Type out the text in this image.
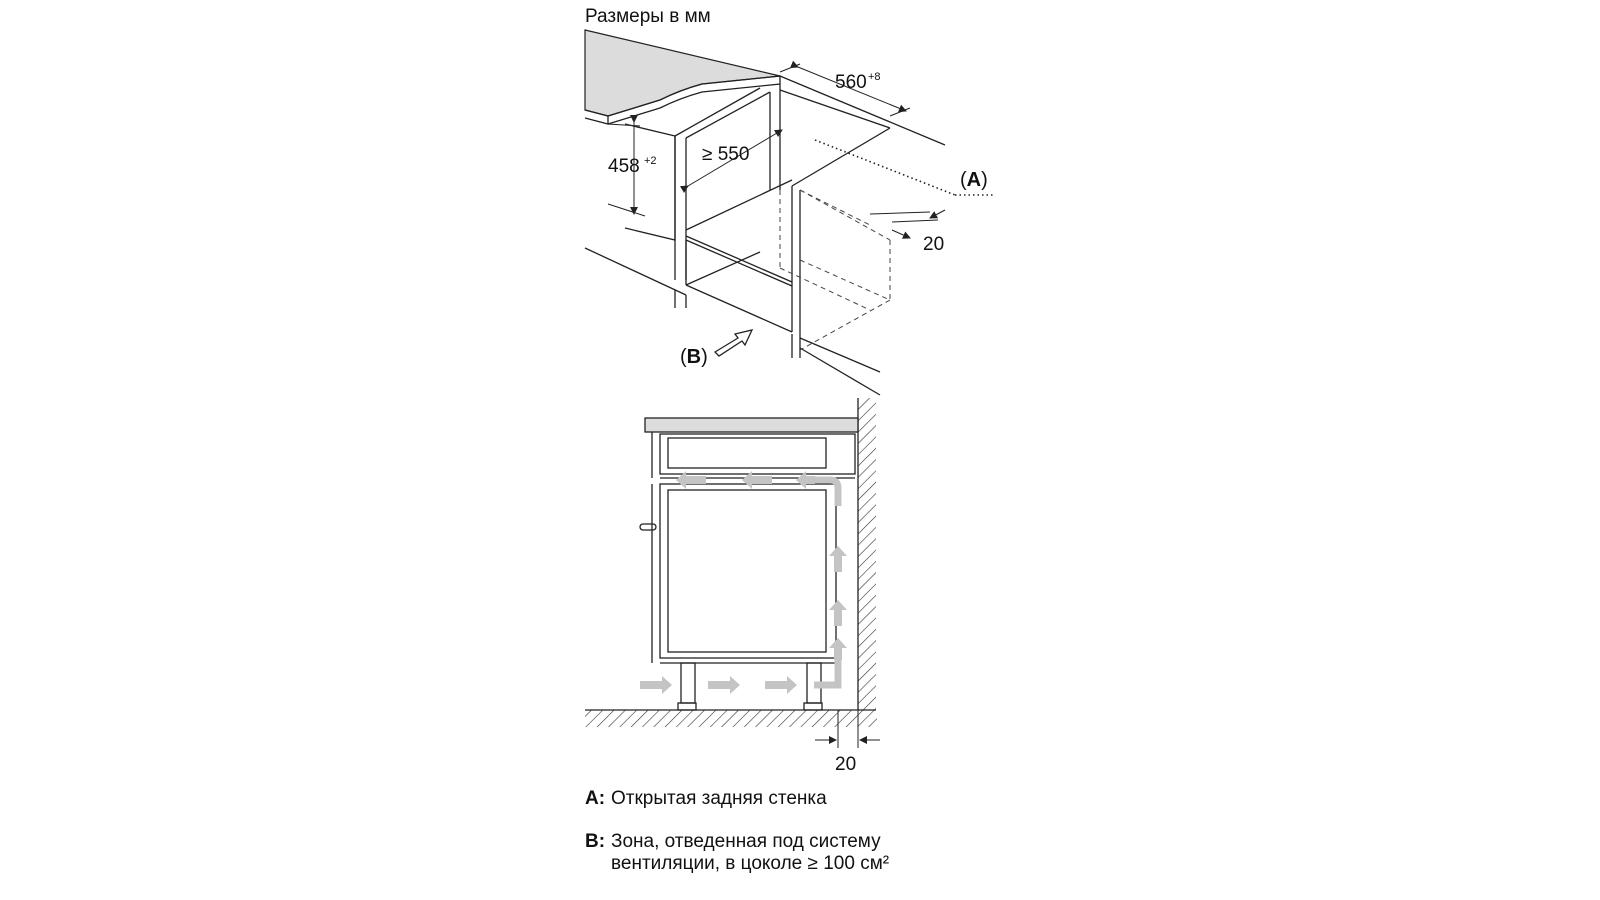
Размеры в мм
560 +8
458 +2 ≥ 550
20
(A)
(B)
20
A: Открытая задняя стенка
B: Зона, отведенная под систему
вентиляции, в цоколе ≥ 100 см²
